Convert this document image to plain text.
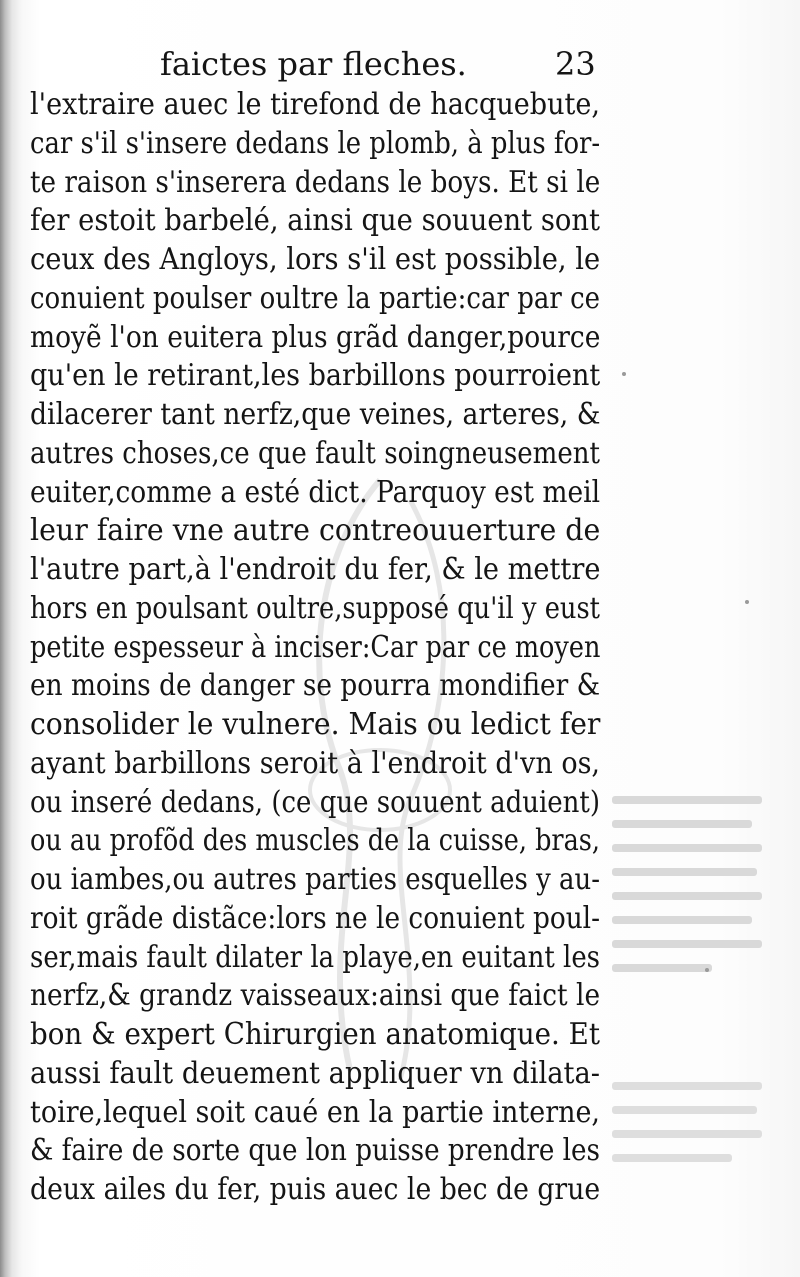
faictes par fleches.	23
l'extraire auec le tirefond de hacquebute,
car s'il s'insere dedans le plomb, à plus for-
te raison s'inserera dedans le boys. Et si le
fer estoit barbelé, ainsi que souuent sont
ceux des Angloys, lors s'il est possible, le
conuient poulser oultre la partie:car par ce
moyẽ l'on euitera plus grãd danger,pource
qu'en le retirant,les barbillons pourroient
dilacerer tant nerfz,que veines, arteres, &
autres choses,ce que fault soingneusement
euiter,comme a esté dict. Parquoy est meil
leur faire vne autre contreouuerture de
l'autre part,à l'endroit du fer, & le mettre
hors en poulsant oultre,supposé qu'il y eust
petite espesseur à inciser:Car par ce moyen
en moins de danger se pourra mondifier &
consolider le vulnere. Mais ou ledict fer
ayant barbillons seroit à l'endroit d'vn os,
ou inseré dedans, (ce que souuent aduient)
ou au profõd des muscles de la cuisse, bras,
ou iambes,ou autres parties esquelles y au-
roit grãde distãce:lors ne le conuient poul-
ser,mais fault dilater la playe,en euitant les
nerfz,& grandz vaisseaux:ainsi que faict le
bon & expert Chirurgien anatomique. Et
aussi fault deuement appliquer vn dilata-
toire,lequel soit caué en la partie interne,
& faire de sorte que lon puisse prendre les
deux ailes du fer, puis auec le bec de grue
